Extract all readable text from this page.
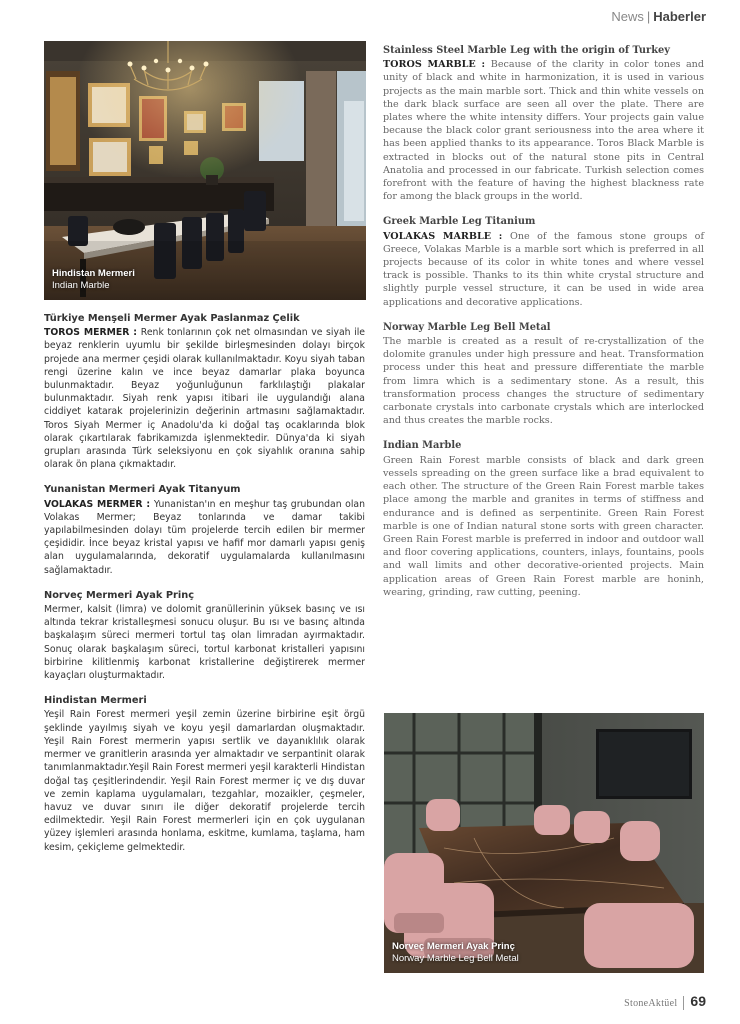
News | Haberler
Hindistan Mermeri
Indian Marble
Türkiye Menşeli Mermer Ayak Paslanmaz Çelik
TOROS MERMER : Renk tonlarının çok net olmasından ve siyah ile beyaz renklerin uyumlu bir şekilde birleşmesinden dolayı birçok projede ana mermer çeşidi olarak kullanılmaktadır. Koyu siyah taban rengi üzerine kalın ve ince beyaz damarlar plaka boyunca bulunmaktadır. Beyaz yoğunluğunun farklılaştığı plakalar bulunmaktadır. Siyah renk yapısı itibari ile uygulandığı alana ciddiyet katarak projelerinizin değerinin artmasını sağlamaktadır. Toros Siyah Mermer iç Anadolu'da ki doğal taş ocaklarında blok olarak çıkartılarak fabrikamızda işlenmektedir. Dünya'da ki siyah grupları arasında Türk seleksiyonu en çok siyahlık oranına sahip olarak ön plana çıkmaktadır.
Yunanistan Mermeri Ayak Titanyum
VOLAKAS MERMER : Yunanistan'ın en meşhur taş grubundan olan Volakas Mermer; Beyaz tonlarında ve damar takibi yapılabilmesinden dolayı tüm projelerde tercih edilen bir mermer çeşididir. İnce beyaz kristal yapısı ve hafif mor damarlı yapısı geniş alan uygulamalarında, dekoratif uygulamalarda kullanılmasını sağlamaktadır.
Norveç Mermeri Ayak Prinç
Mermer, kalsit (limra) ve dolomit granüllerinin yüksek basınç ve ısı altında tekrar kristalleşmesi sonucu oluşur. Bu ısı ve basınç altında başkalaşım süreci mermeri tortul taş olan limradan ayırmaktadır. Sonuç olarak başkalaşım süreci, tortul karbonat kristalleri yapısını birbirine kilitlenmiş karbonat kristallerine değiştirerek mermer kayaçları oluşturmaktadır.
Hindistan Mermeri
Yeşil Rain Forest mermeri yeşil zemin üzerine birbirine eşit örgü şeklinde yayılmış siyah ve koyu yeşil damarlardan oluşmaktadır. Yeşil Rain Forest mermerin yapısı sertlik ve dayanıklılık olarak mermer ve granitlerin arasında yer almaktadır ve serpantinit olarak tanımlanmaktadır.Yeşil Rain Forest mermeri yeşil karakterli Hindistan doğal taş çeşitlerindendir. Yeşil Rain Forest mermer iç ve dış duvar ve zemin kaplama uygulamaları, tezgahlar, mozaikler, çeşmeler, havuz ve duvar sınırı ile diğer dekoratif projelerde tercih edilmektedir. Yeşil Rain Forest mermerleri için en çok uygulanan yüzey işlemleri arasında honlama, eskitme, kumlama, taşlama, ham kesim, çekiçleme gelmektedir.
Stainless Steel Marble Leg with the origin of Turkey
TOROS MARBLE : Because of the clarity in color tones and unity of black and white in harmonization, it is used in various projects as the main marble sort. Thick and thin white vessels on the dark black surface are seen all over the plate. There are plates where the white intensity differs. Your projects gain value because the black color grant seriousness into the area where it has been applied thanks to its appearance. Toros Black Marble is extracted in blocks out of the natural stone pits in Central Anatolia and processed in our fabricate. Turkish selection comes forefront with the feature of having the highest blackness rate for among the black groups in the world.
Greek Marble Leg Titanium
VOLAKAS MARBLE : One of the famous stone groups of Greece, Volakas Marble is a marble sort which is preferred in all projects because of its color in white tones and where vessel track is possible. Thanks to its thin white crystal structure and slightly purple vessel structure, it can be used in wide area applications and decorative applications.
Norway Marble Leg Bell Metal
The marble is created as a result of re-crystallization of the dolomite granules under high pressure and heat. Transformation process under this heat and pressure differentiate the marble from limra which is a sedimentary stone. As a result, this transformation process changes the structure of sedimentary carbonate crystals into carbonate crystals which are interlocked and thus creates the marble rocks.
Indian Marble
Green Rain Forest marble consists of black and dark green vessels spreading on the green surface like a brad equivalent to each other. The structure of the Green Rain Forest marble takes place among the marble and granites in terms of stiffness and endurance and is defined as serpentinite. Green Rain Forest marble is one of Indian natural stone sorts with green character. Green Rain Forest marble is preferred in indoor and outdoor wall and floor covering applications, counters, inlays, fountains, pools and wall limits and other decorative-oriented projects. Main application areas of Green Rain Forest marble are honinh, wearing, grinding, raw cutting, peening.
Norveç Mermeri Ayak Prinç
Norway Marble Leg Bell Metal
StoneAktüel 69
